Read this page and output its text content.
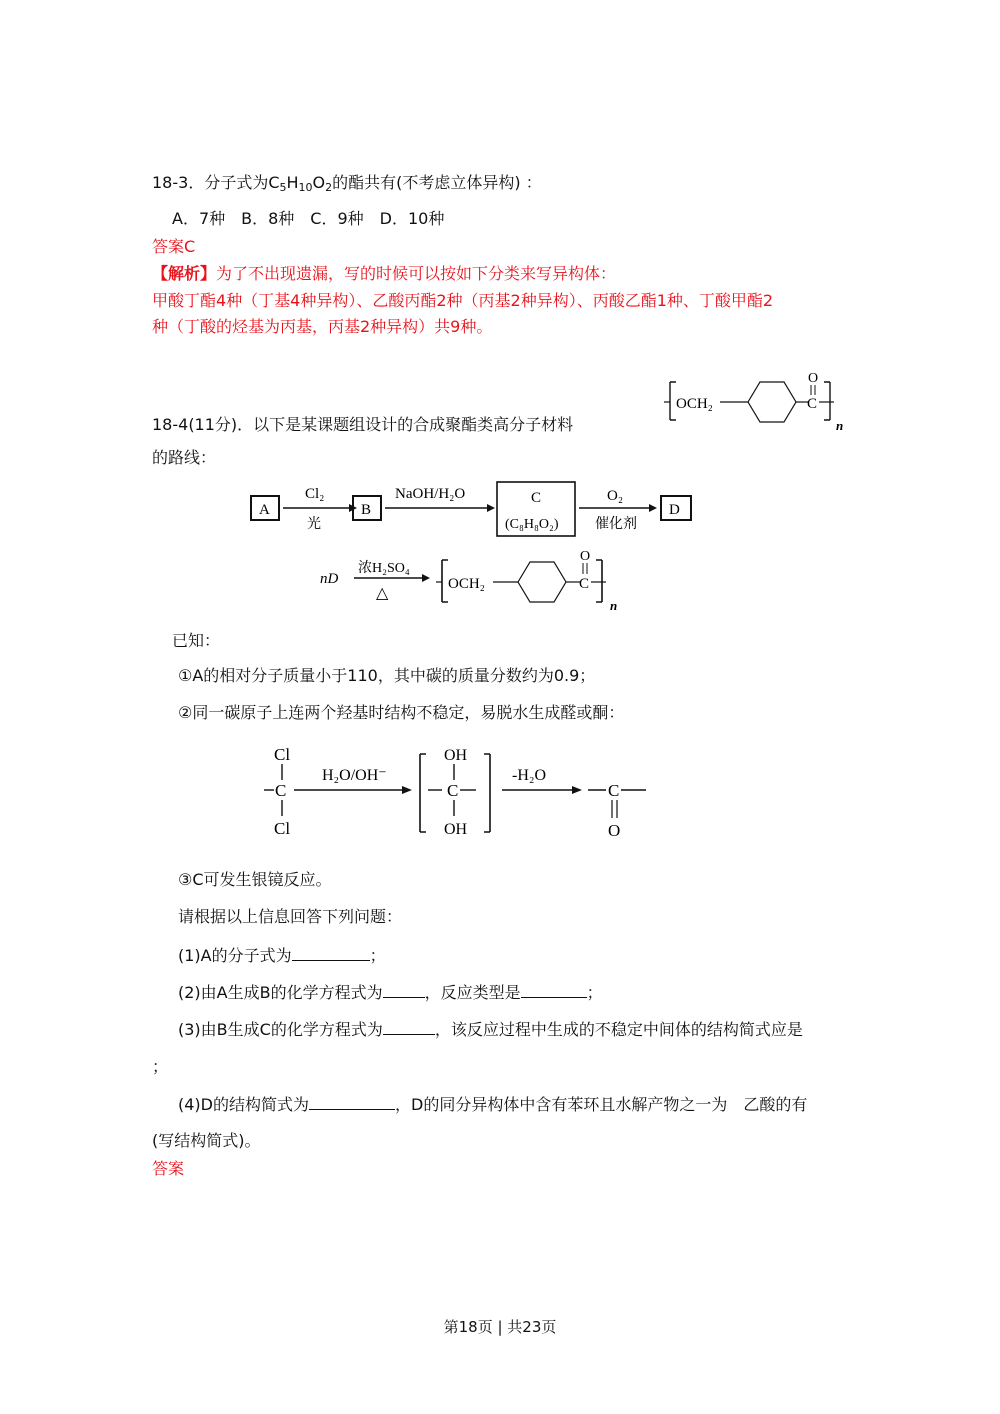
18-3．分子式为$C_5H_{10}O_2$的酯共有(不考虑立体异构) ：
A．7种　B．8种　C．9种　D．10种
答案C
【解析】为了不出现遗漏，写的时候可以按如下分类来写异构体：
甲酸丁酯4种（丁基4种异构）、乙酸丙酯2种（丙基2种异构）、丙酸乙酯1种、丁酸甲酯2
种（丁酸的烃基为丙基，丙基2种异构）共9种。
18-4(11分)．以下是某课题组设计的合成聚酯类高分子材料
的路线：
OCH₂	C
O
n
A
Cl₂
光
B
NaOH/H₂O	C
(C₈H₈O₂)
O₂
催化剂
D
nD
浓H₂SO₄
△
OCH₂	C
O
n
已知：
①A的相对分子质量小于110，其中碳的质量分数约为0.9；
②同一碳原子上连两个羟基时结构不稳定，易脱水生成醛或酮：
Cl
C
Cl
H₂O/OH⁻
OH
C
OH
-H₂O
C
O
③C可发生银镜反应。
请根据以上信息回答下列问题：
(1)A的分子式为	；
(2)由A生成B的化学方程式为	，反应类型是	；
(3)由B生成C的化学方程式为	，该反应过程中生成的不稳定中间体的结构简式应是
；
(4)D的结构简式为	，D的同分异构体中含有苯环且水解产物之一为　乙酸的有
(写结构简式)。
答案
第18页 | 共23页
